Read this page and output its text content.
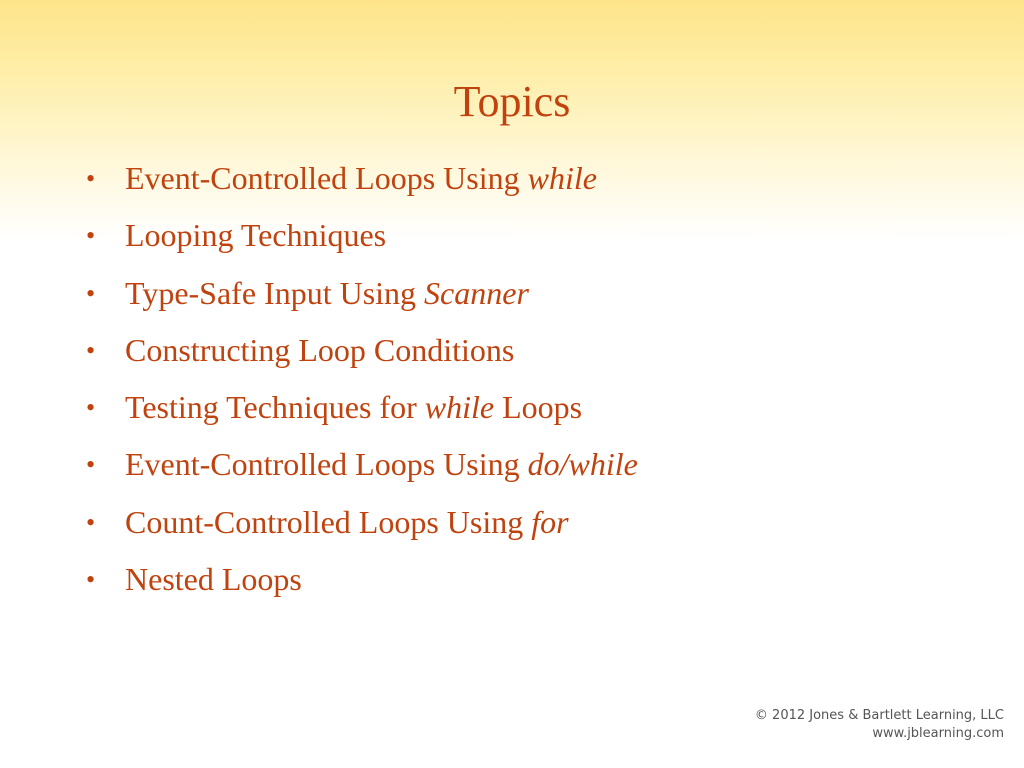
Topics
• Event-Controlled Loops Using while
• Looping Techniques
• Type-Safe Input Using Scanner
• Constructing Loop Conditions
• Testing Techniques for while Loops
• Event-Controlled Loops Using do/while
• Count-Controlled Loops Using for
• Nested Loops
© 2012 Jones & Bartlett Learning, LLC
www.jblearning.com
